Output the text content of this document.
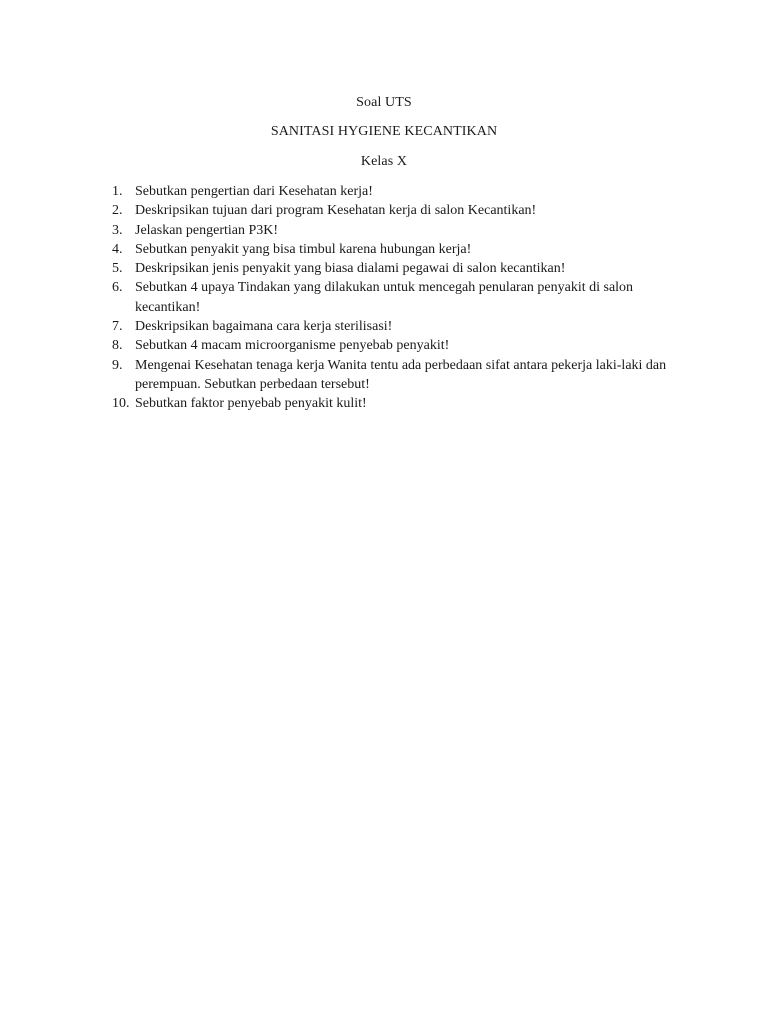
Soal UTS
SANITASI HYGIENE KECANTIKAN
Kelas X
1. Sebutkan pengertian dari Kesehatan kerja!
2. Deskripsikan tujuan dari program Kesehatan kerja di salon Kecantikan!
3. Jelaskan pengertian P3K!
4. Sebutkan penyakit yang bisa timbul karena hubungan kerja!
5. Deskripsikan jenis penyakit yang biasa dialami pegawai di salon kecantikan!
6. Sebutkan 4 upaya Tindakan yang dilakukan untuk mencegah penularan penyakit di salon kecantikan!
7. Deskripsikan bagaimana cara kerja sterilisasi!
8. Sebutkan 4 macam microorganisme penyebab penyakit!
9. Mengenai Kesehatan tenaga kerja Wanita tentu ada perbedaan sifat antara pekerja laki-laki dan perempuan. Sebutkan perbedaan tersebut!
10. Sebutkan faktor penyebab penyakit kulit!
